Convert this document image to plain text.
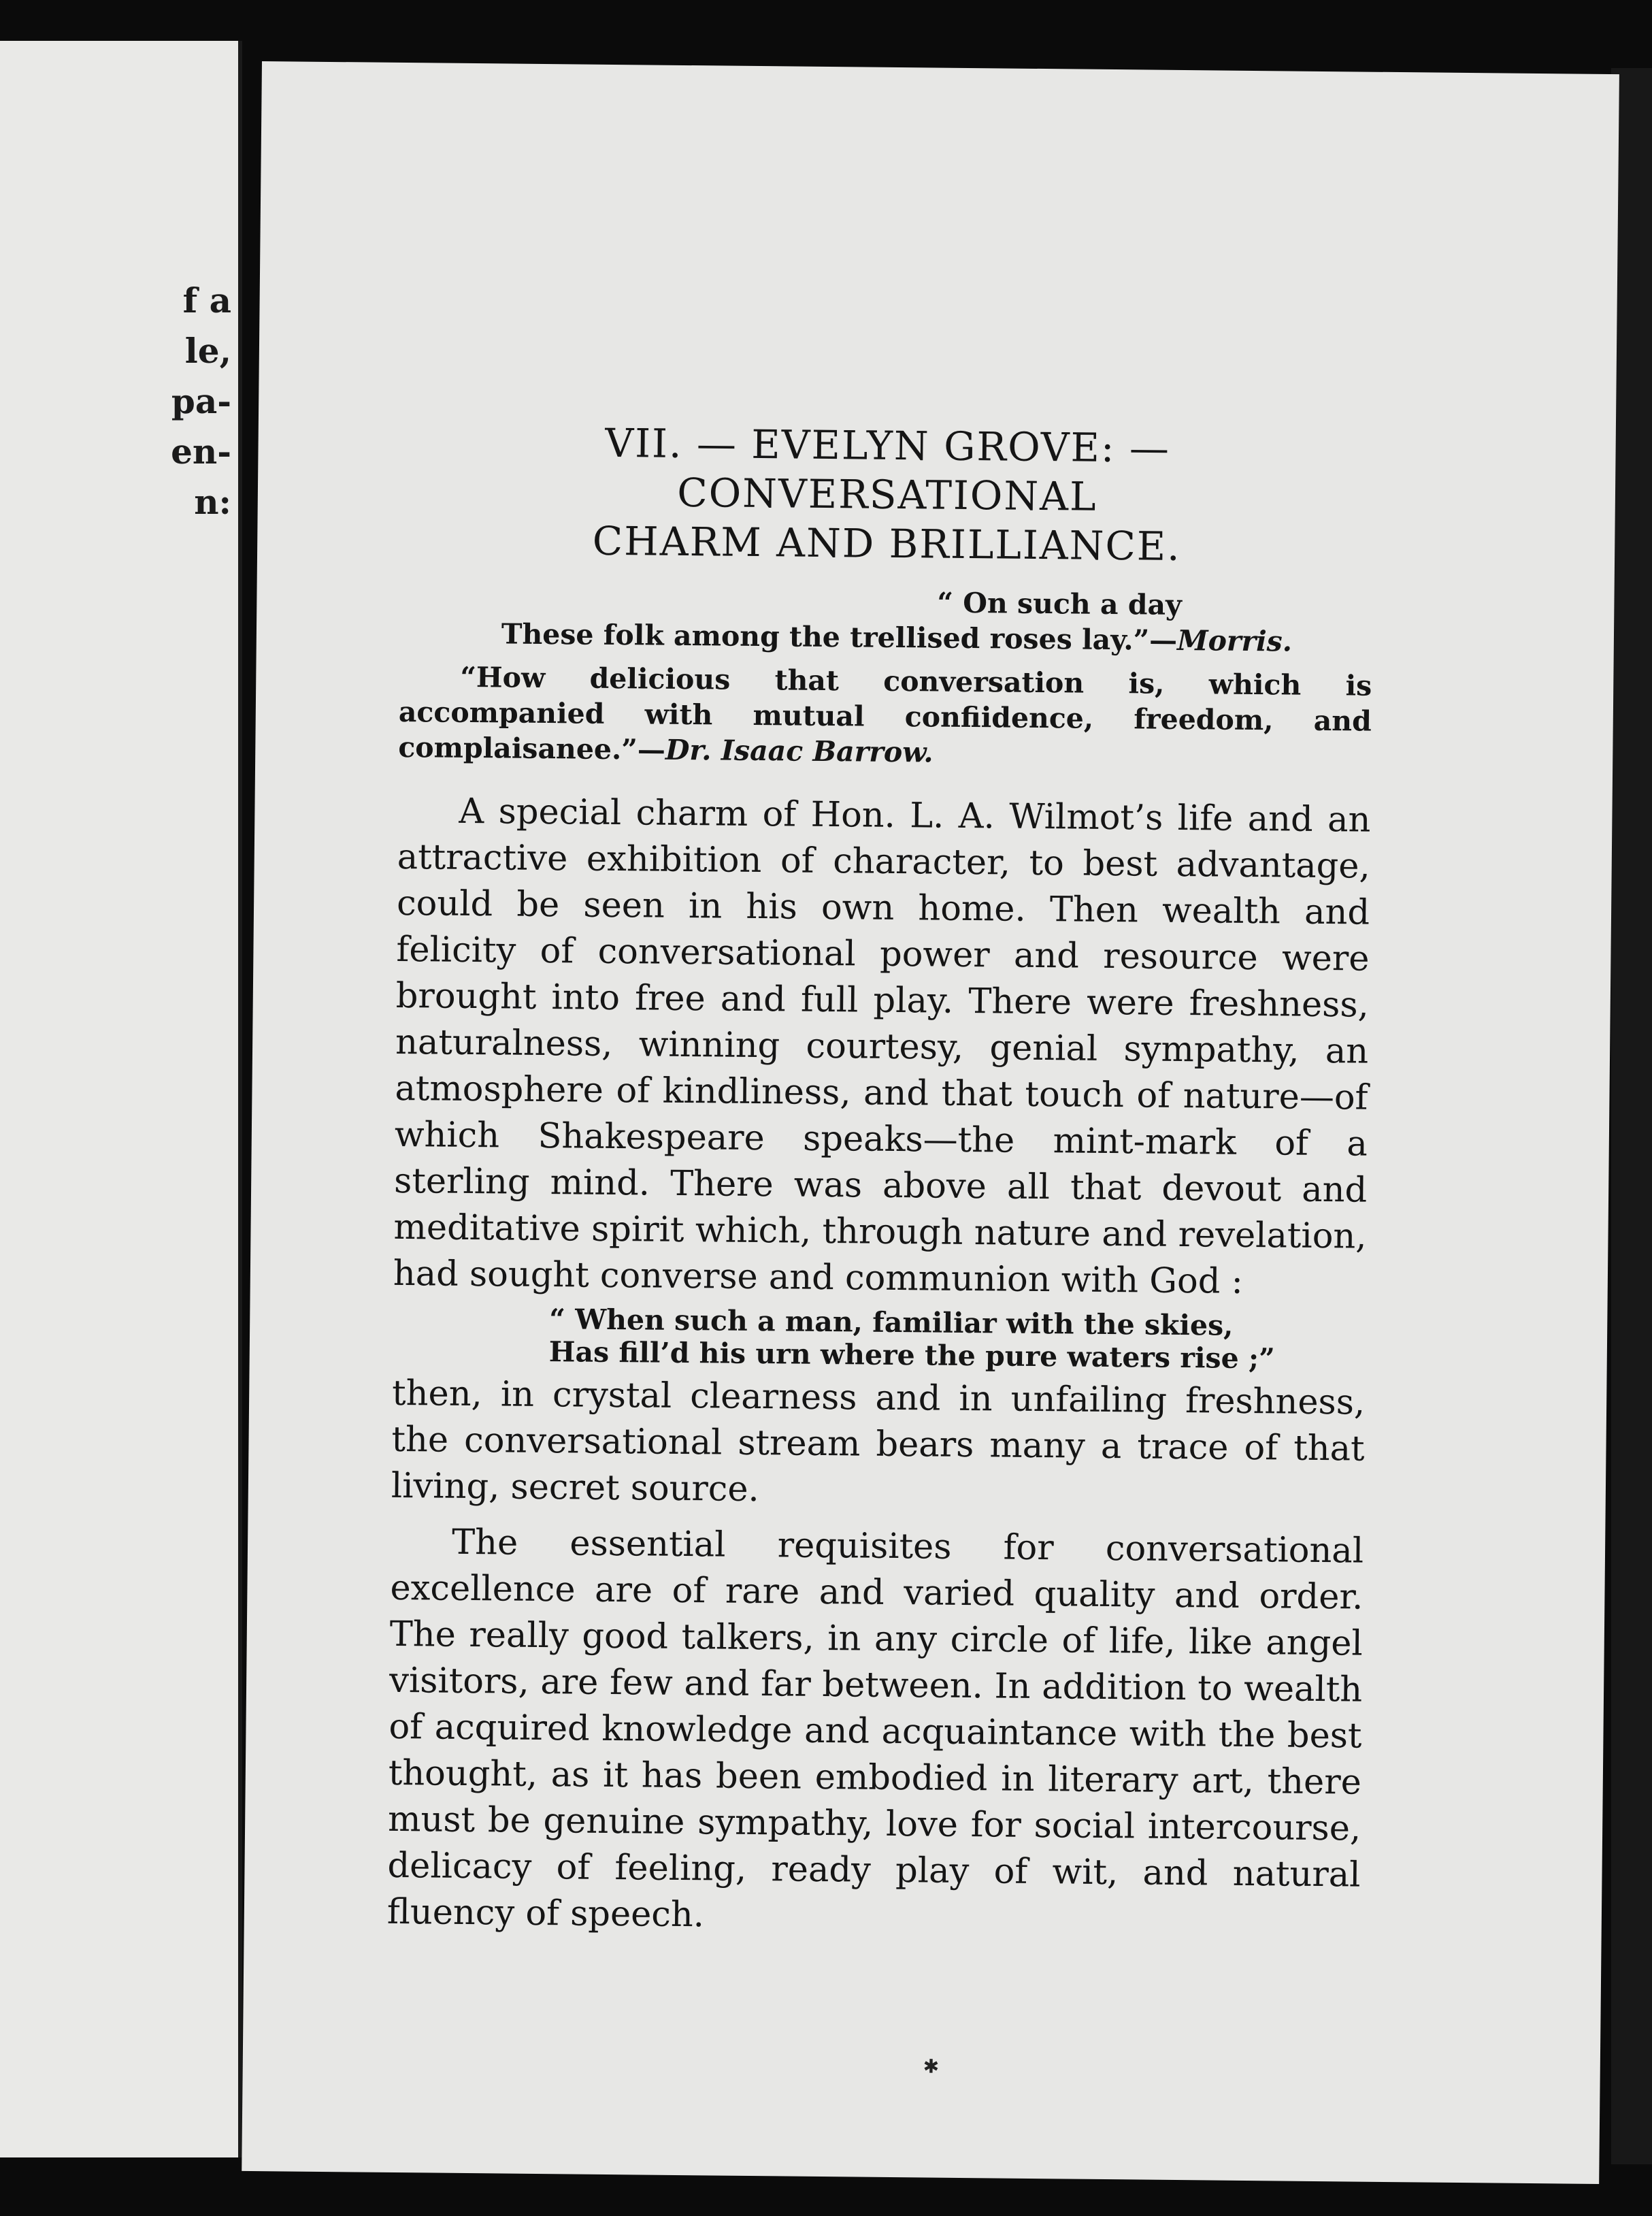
f a
le,
pa-
en-
n:
VII. — EVELYN GROVE: — CONVERSATIONAL
CHARM AND BRILLIANCE.

“ On such a day
These folk among the trellised roses lay.”—Morris.

“How delicious that conversation is, which is accompanied with mutual confiidence, freedom, and complaisanee.”—Dr. Isaac Barrow.

A special charm of Hon. L. A. Wilmot’s life and an attractive exhibition of character, to best advantage, could be seen in his own home. Then wealth and felicity of conversational power and resource were brought into free and full play. There were freshness, naturalness, winning courtesy, genial sympathy, an atmosphere of kindliness, and that touch of nature—of which Shakespeare speaks—the mint-mark of a sterling mind. There was above all that devout and meditative spirit which, through nature and revelation, had sought converse and communion with God :

“ When such a man, familiar with the skies,
Has fill’d his urn where the pure waters rise ;”

then, in crystal clearness and in unfailing freshness, the conversational stream bears many a trace of that living, secret source.

The essential requisites for conversational excellence are of rare and varied quality and order. The really good talkers, in any circle of life, like angel visitors, are few and far between. In addition to wealth of acquired knowledge and acquaintance with the best thought, as it has been embodied in literary art, there must be genuine sympathy, love for social intercourse, delicacy of feeling, ready play of wit, and natural fluency of speech.

✱
